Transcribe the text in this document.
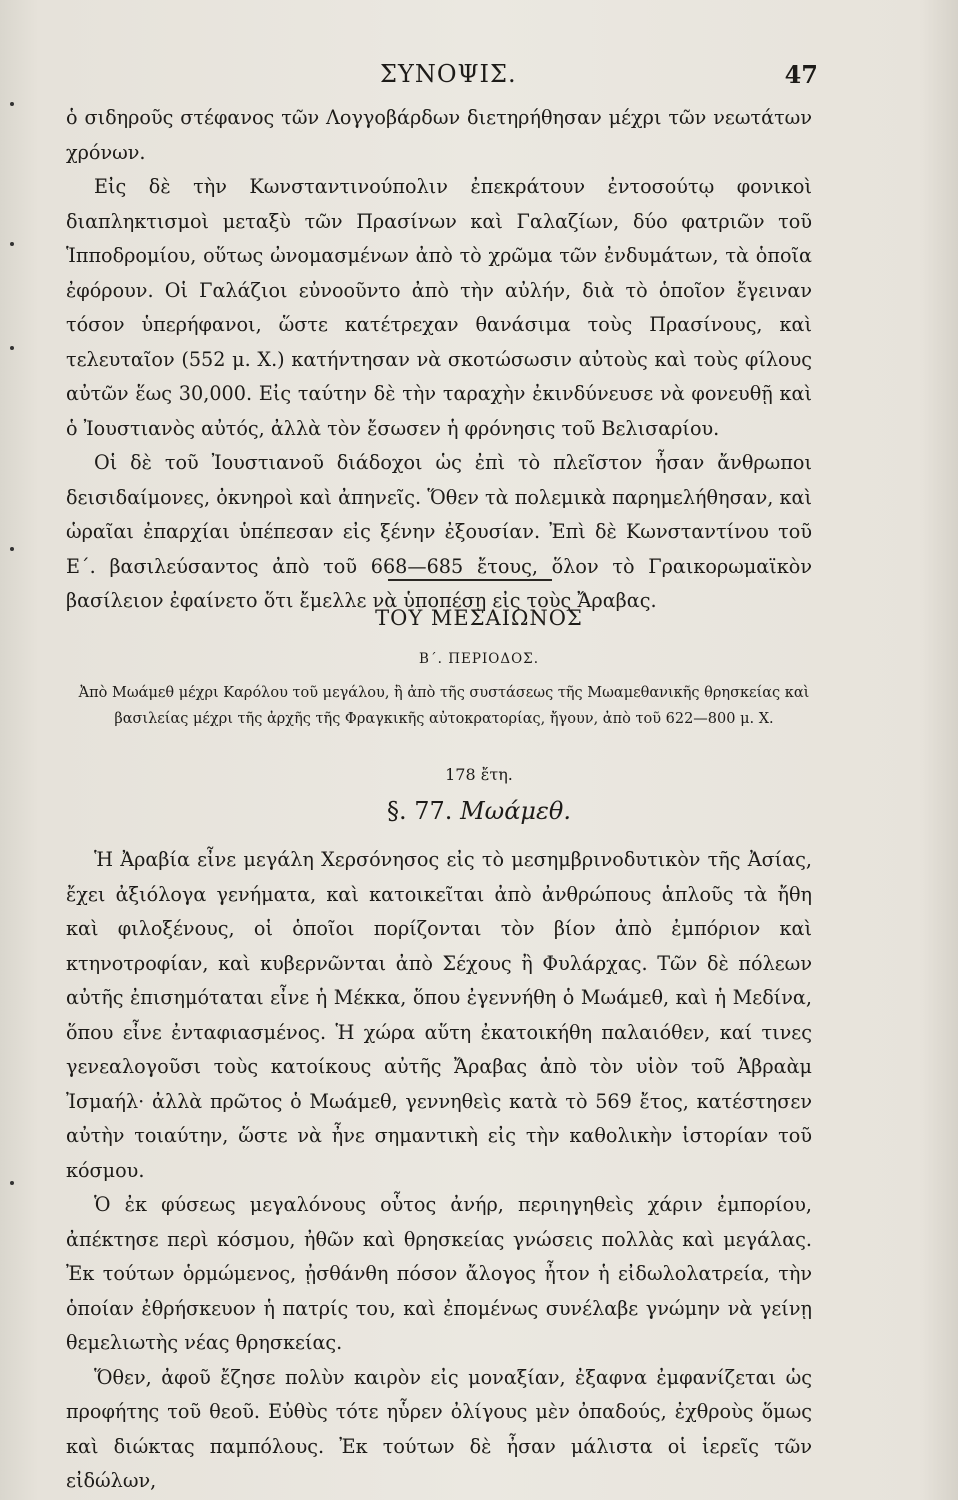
ΣΥΝΟΨΙΣ.	47

ὁ σιδηροῦς στέφανος τῶν Λογγοβάρδων διετηρήθησαν μέχρι τῶν νεωτάτων χρόνων.

Εἰς δὲ τὴν Κωνσταντινούπολιν ἐπεκράτουν ἐντοσούτῳ φονικοὶ διαπληκτισμοὶ μεταξὺ τῶν Πρασίνων καὶ Γαλαζίων, δύο φατριῶν τοῦ Ἱπποδρομίου, οὕτως ὠνομασμένων ἀπὸ τὸ χρῶμα τῶν ἐνδυμάτων, τὰ ὁποῖα ἐφόρουν. Οἱ Γαλάζιοι εὐνοοῦντο ἀπὸ τὴν αὐλήν, διὰ τὸ ὁποῖον ἔγειναν τόσον ὑπερήφανοι, ὥστε κατέτρεχαν θανάσιμα τοὺς Πρασίνους, καὶ τελευταῖον (552 μ. Χ.) κατήντησαν νὰ σκοτώσωσιν αὐτοὺς καὶ τοὺς φίλους αὐτῶν ἕως 30,000. Εἰς ταύτην δὲ τὴν ταραχὴν ἐκινδύνευσε νὰ φονευθῇ καὶ ὁ Ἰουστιανὸς αὐτός, ἀλλὰ τὸν ἔσωσεν ἡ φρόνησις τοῦ Βελισαρίου.

Οἱ δὲ τοῦ Ἰουστιανοῦ διάδοχοι ὡς ἐπὶ τὸ πλεῖστον ἦσαν ἄνθρωποι δεισιδαίμονες, ὀκνηροὶ καὶ ἀπηνεῖς. Ὅθεν τὰ πολεμικὰ παρημελήθησαν, καὶ ὡραῖαι ἐπαρχίαι ὑπέπεσαν εἰς ξένην ἐξουσίαν. Ἐπὶ δὲ Κωνσταντίνου τοῦ Ε΄. βασιλεύσαντος ἀπὸ τοῦ 668—685 ἔτους, ὅλον τὸ Γραικορωμαϊκὸν βασίλειον ἐφαίνετο ὅτι ἔμελλε νὰ ὑποπέσῃ εἰς τοὺς Ἄραβας.

ΤΟΥ ΜΕΣΑΙΩΝΟΣ
Β΄. ΠΕΡΙΟΔΟΣ.
Ἀπὸ Μωάμεθ μέχρι Καρόλου τοῦ μεγάλου, ἢ ἀπὸ τῆς συστάσεως τῆς Μωαμεθανικῆς θρησκείας καὶ βασιλείας μέχρι τῆς ἀρχῆς τῆς Φραγκικῆς αὐτοκρατορίας, ἤγουν, ἀπὸ τοῦ 622—800 μ. Χ.
178 ἔτη.
§. 77. Μωάμεθ.

Ἡ Ἀραβία εἶνε μεγάλη Χερσόνησος εἰς τὸ μεσημβρινοδυτικὸν τῆς Ἀσίας, ἔχει ἀξιόλογα γενήματα, καὶ κατοικεῖται ἀπὸ ἀνθρώπους ἁπλοῦς τὰ ἤθη καὶ φιλοξένους, οἱ ὁποῖοι πορίζονται τὸν βίον ἀπὸ ἐμπόριον καὶ κτηνοτροφίαν, καὶ κυβερνῶνται ἀπὸ Σέχους ἢ Φυλάρχας. Τῶν δὲ πόλεων αὐτῆς ἐπισημόταται εἶνε ἡ Μέκκα, ὅπου ἐγεννήθη ὁ Μωάμεθ, καὶ ἡ Μεδίνα, ὅπου εἶνε ἐνταφιασμένος. Ἡ χώρα αὕτη ἐκατοικήθη παλαιόθεν, καί τινες γενεαλογοῦσι τοὺς κατοίκους αὐτῆς Ἄραβας ἀπὸ τὸν υἱὸν τοῦ Ἀβραὰμ Ἰσμαήλ· ἀλλὰ πρῶτος ὁ Μωάμεθ, γεννηθεὶς κατὰ τὸ 569 ἔτος, κατέστησεν αὐτὴν τοιαύτην, ὥστε νὰ ἦνε σημαντικὴ εἰς τὴν καθολικὴν ἱστορίαν τοῦ κόσμου.

Ὁ ἐκ φύσεως μεγαλόνους οὗτος ἀνήρ, περιηγηθεὶς χάριν ἐμπορίου, ἀπέκτησε περὶ κόσμου, ἠθῶν καὶ θρησκείας γνώσεις πολλὰς καὶ μεγάλας. Ἐκ τούτων ὁρμώμενος, ᾐσθάνθη πόσον ἄλογος ἦτον ἡ εἰδωλολατρεία, τὴν ὁποίαν ἐθρήσκευον ἡ πατρίς του, καὶ ἐπομένως συνέλαβε γνώμην νὰ γείνῃ θεμελιωτὴς νέας θρησκείας.

Ὅθεν, ἀφοῦ ἔζησε πολὺν καιρὸν εἰς μοναξίαν, ἐξαφνα ἐμφανίζεται ὡς προφήτης τοῦ θεοῦ. Εὐθὺς τότε ηὗρεν ὀλίγους μὲν ὀπαδούς, ἐχθροὺς ὅμως καὶ διώκτας παμπόλους. Ἐκ τούτων δὲ ἦσαν μάλιστα οἱ ἱερεῖς τῶν εἰδώλων,
